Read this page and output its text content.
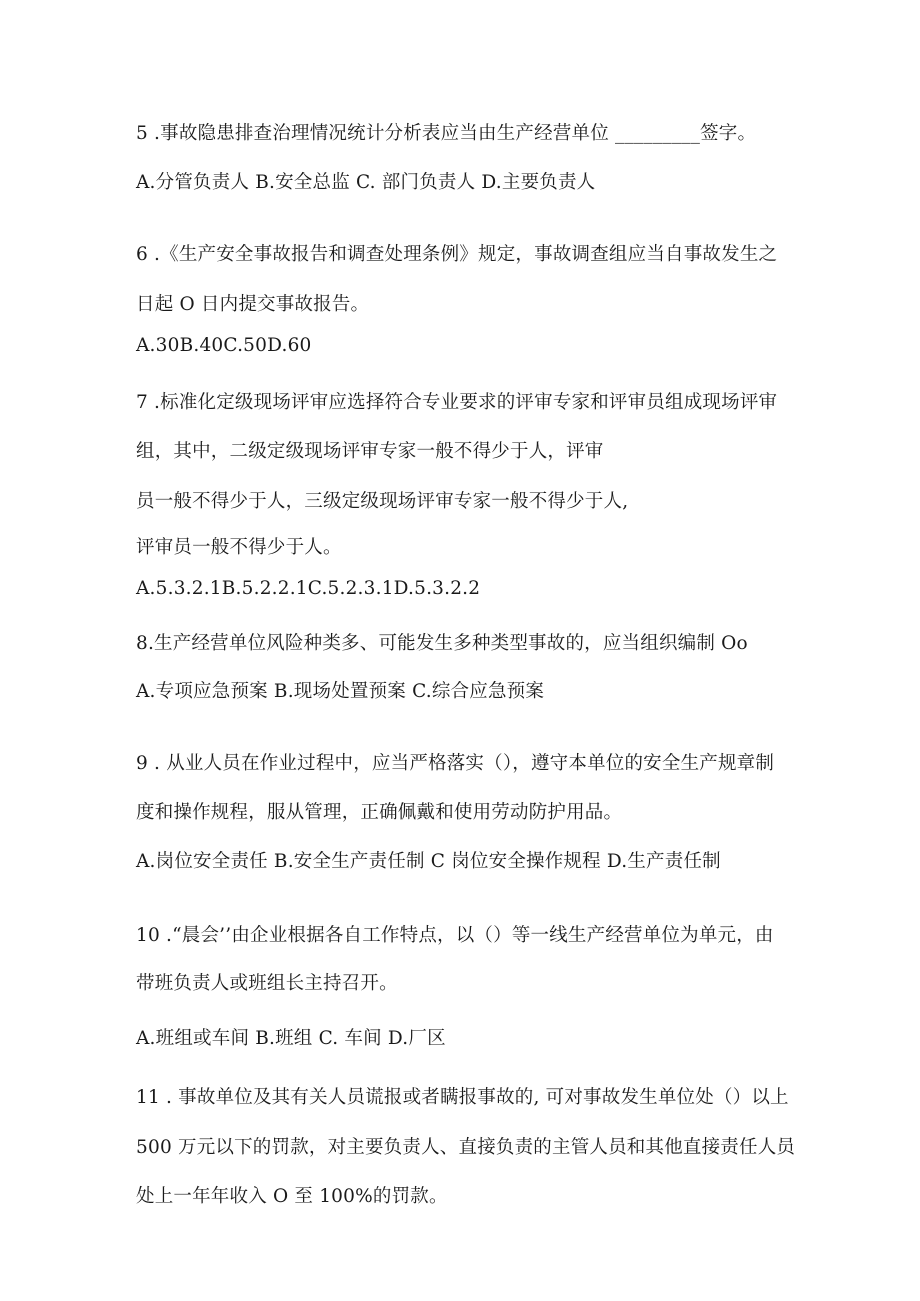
5 .事故隐患排查治理情况统计分析表应当由生产经营单位 _________签字。
A.分管负责人 B.安全总监 C. 部门负责人 D.主要负责人
6 .《生产安全事故报告和调查处理条例》规定，事故调查组应当自事故发生之
日起 O 日内提交事故报告。
A.30B.40C.50D.60
7 .标准化定级现场评审应选择符合专业要求的评审专家和评审员组成现场评审
组，其中，二级定级现场评审专家一般不得少于人，评审
员一般不得少于人，三级定级现场评审专家一般不得少于人,
评审员一般不得少于人。
A.5.3.2.1B.5.2.2.1C.5.2.3.1D.5.3.2.2
8.生产经营单位风险种类多、可能发生多种类型事故的，应当组织编制 Oo
A.专项应急预案 B.现场处置预案 C.综合应急预案
9 . 从业人员在作业过程中，应当严格落实（），遵守本单位的安全生产规章制
度和操作规程，服从管理，正确佩戴和使用劳动防护用品。
A.岗位安全责任 B.安全生产责任制 C 岗位安全操作规程 D.生产责任制
10 .“晨会’’由企业根据各自工作特点，以（）等一线生产经营单位为单元，由
带班负责人或班组长主持召开。
A.班组或车间 B.班组 C. 车间 D.厂区
11 . 事故单位及其有关人员谎报或者瞒报事故的, 可对事故发生单位处（）以上
500 万元以下的罚款，对主要负责人、直接负责的主管人员和其他直接责任人员
处上一年年收入 O 至 100%的罚款。
